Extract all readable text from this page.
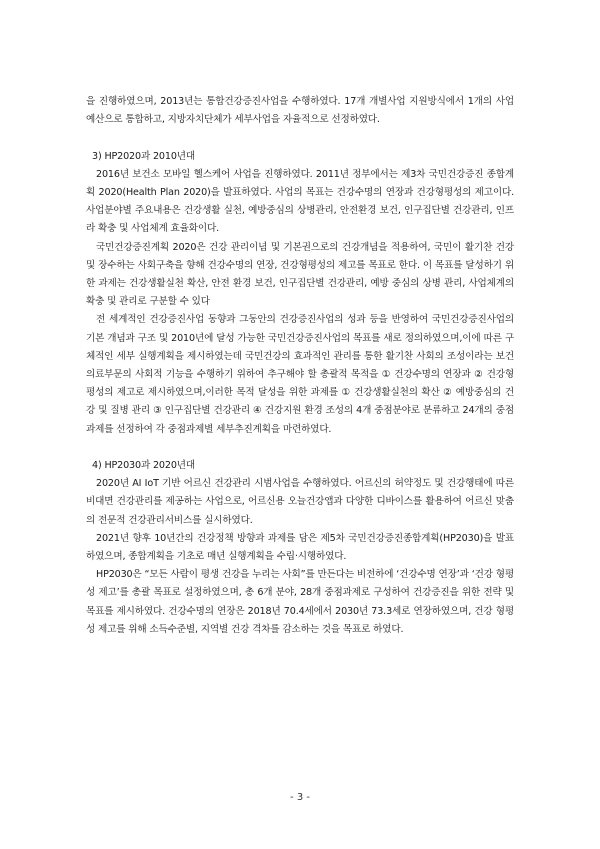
을 진행하였으며, 2013년는 통합건강증진사업을 수행하였다. 17개 개별사업 지원방식에서 1개의 사업예산으로 통합하고, 지방자치단체가 세부사업을 자율적으로 선정하였다.

3) HP2020과 2010년대

2016년 보건소 모바일 헬스케어 사업을 진행하였다. 2011년 정부에서는 제3차 국민건강증진 종합계획 2020(Health Plan 2020)을 발표하였다. 사업의 목표는 건강수명의 연장과 건강형평성의 제고이다. 사업분야별 주요내용은 건강생활 실천, 예방중심의 상병관리, 안전환경 보건, 인구집단별 건강관리, 인프라 확충 및 사업체계 효율화이다.

국민건강증진계획 2020은 건강 관리이념 및 기본권으로의 건강개념을 적용하여, 국민이 활기찬 건강 및 장수하는 사회구축을 향해 건강수명의 연장, 건강형평성의 제고를 목표로 한다. 이 목표를 달성하기 위한 과제는 건강생활실천 확산, 안전 환경 보건, 인구집단별 건강관리, 예방 중심의 상병 관리, 사업체계의 확충 및 관리로 구분할 수 있다

전 세계적인 건강증진사업 동향과 그동안의 건강증진사업의 성과 등을 반영하여 국민건강증진사업의 기본 개념과 구조 및 2010년에 달성 가능한 국민건강증진사업의 목표를 새로 정의하였으며,이에 따른 구체적인 세부 실행계획을 제시하였는데 국민건강의 효과적인 관리를 통한 활기찬 사회의 조성이라는 보건의료부문의 사회적 기능을 수행하기 위하여 추구해야 할 총괄적 목적을 ① 건강수명의 연장과 ② 건강형평성의 제고로 제시하였으며,이러한 목적 달성을 위한 과제를 ① 건강생활실천의 확산 ② 예방중심의 건강 및 질병 관리 ③ 인구집단별 건강관리 ④ 건강지원 환경 조성의 4개 중점분야로 분류하고 24개의 중점과제를 선정하여 각 중점과제별 세부추진계획을 마련하였다.

4) HP2030과 2020년대

2020년 AI IoT 기반 어르신 건강관리 시범사업을 수행하였다. 어르신의 허약정도 및 건강행태에 따른 비대면 건강관리를 제공하는 사업으로, 어르신용 오늘건강앱과 다양한 디바이스를 활용하여 어르신 맞춤의 전문적 건강관리서비스를 실시하였다.

2021년 향후 10년간의 건강정책 방향과 과제를 담은 제5차 국민건강증진종합계획(HP2030)을 발표하였으며, 종합계획을 기초로 매년 실행계획을 수립·시행하였다.

HP2030은 “모든 사람이 평생 건강을 누리는 사회”를 만든다는 비전하에 ‘건강수명 연장’과 ‘건강 형평성 제고’를 총괄 목표로 설정하였으며, 총 6개 분야, 28개 중점과제로 구성하여 건강증진을 위한 전략 및 목표를 제시하였다. 건강수명의 연장은 2018년 70.4세에서 2030년 73.3세로 연장하였으며, 건강 형평성 제고를 위해 소득수준별, 지역별 건강 격차를 감소하는 것을 목표로 하였다.

- 3 -
